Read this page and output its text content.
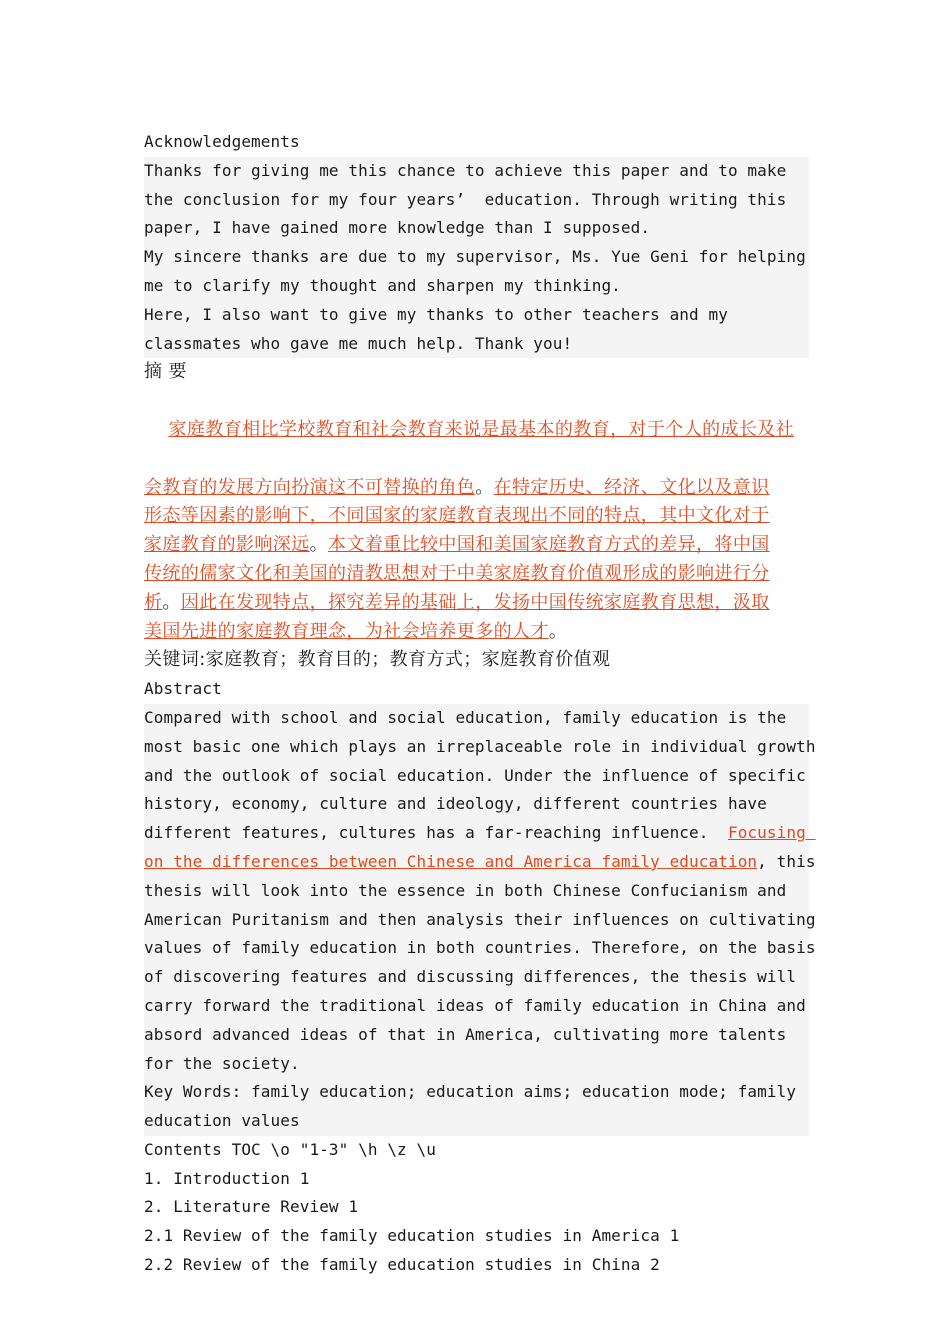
Acknowledgements
Thanks for giving me this chance to achieve this paper and to make
the conclusion for my four years’  education. Through writing this
paper, I have gained more knowledge than I supposed.
My sincere thanks are due to my supervisor, Ms. Yue Geni for helping
me to clarify my thought and sharpen my thinking.
Here, I also want to give my thanks to other teachers and my
classmates who gave me much help. Thank you!
摘 要

家庭教育相比学校教育和社会教育来说是最基本的教育，对于个人的成长及社

会教育的发展方向扮演这不可替换的角色。在特定历史、经济、文化以及意识
形态等因素的影响下，不同国家的家庭教育表现出不同的特点，其中文化对于
家庭教育的影响深远。本文着重比较中国和美国家庭教育方式的差异，将中国
传统的儒家文化和美国的清教思想对于中美家庭教育价值观形成的影响进行分
析。因此在发现特点，探究差异的基础上，发扬中国传统家庭教育思想，汲取
美国先进的家庭教育理念，为社会培养更多的人才。
关键词:家庭教育；教育目的；教育方式；家庭教育价值观
Abstract
Compared with school and social education, family education is the
most basic one which plays an irreplaceable role in individual growth
and the outlook of social education. Under the influence of specific
history, economy, culture and ideology, different countries have
different features, cultures has a far-reaching influence.  Focusing
on the differences between Chinese and America family education, this
thesis will look into the essence in both Chinese Confucianism and
American Puritanism and then analysis their influences on cultivating
values of family education in both countries. Therefore, on the basis
of discovering features and discussing differences, the thesis will
carry forward the traditional ideas of family education in China and
absord advanced ideas of that in America, cultivating more talents
for the society.
Key Words: family education; education aims; education mode; family
education values
Contents TOC \o "1-3" \h \z \u
1. Introduction 1
2. Literature Review 1
2.1 Review of the family education studies in America 1
2.2 Review of the family education studies in China 2
